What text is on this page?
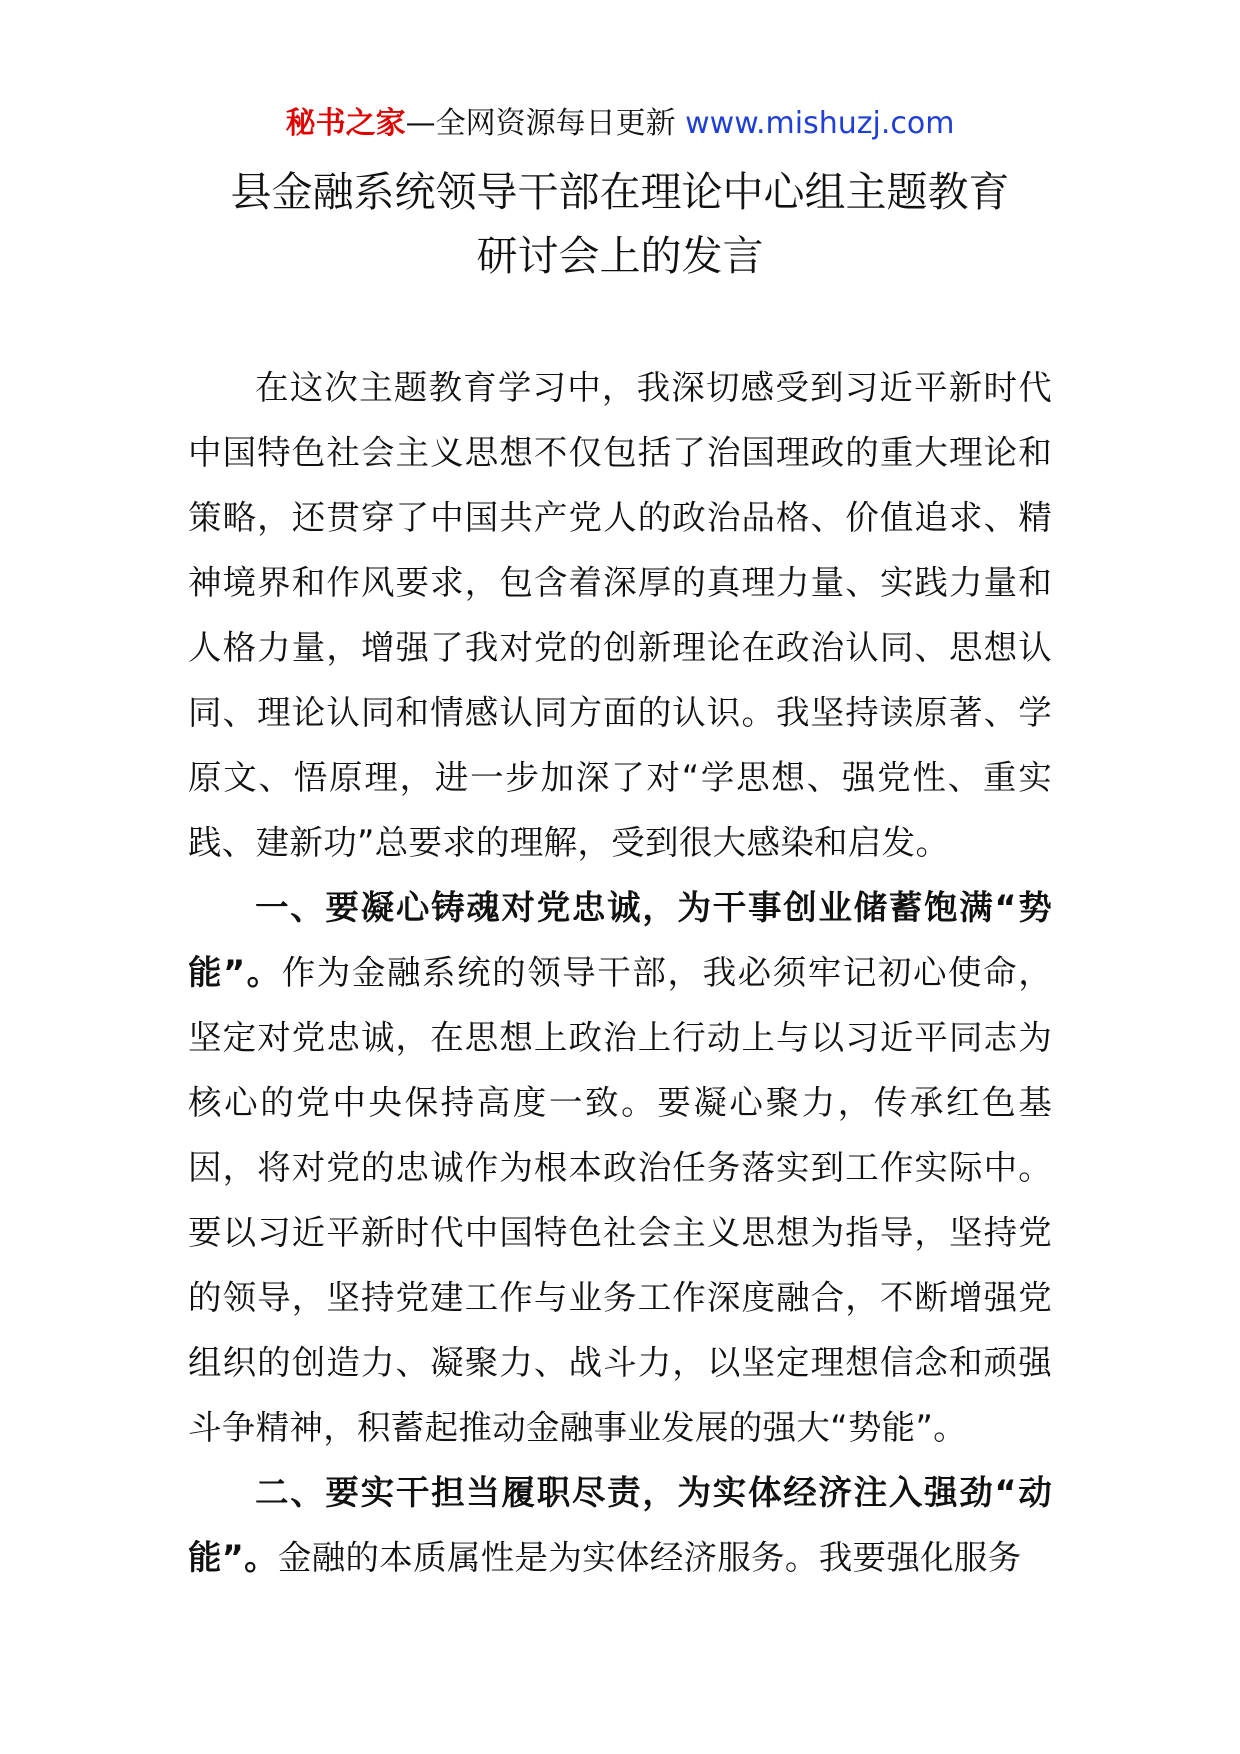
秘书之家—全网资源每日更新 www.mishuzj.com
县金融系统领导干部在理论中心组主题教育
研讨会上的发言

在这次主题教育学习中，我深切感受到习近平新时代中国特色社会主义思想不仅包括了治国理政的重大理论和策略，还贯穿了中国共产党人的政治品格、价值追求、精神境界和作风要求，包含着深厚的真理力量、实践力量和人格力量，增强了我对党的创新理论在政治认同、思想认同、理论认同和情感认同方面的认识。我坚持读原著、学原文、悟原理，进一步加深了对“学思想、强党性、重实践、建新功”总要求的理解，受到很大感染和启发。

一、要凝心铸魂对党忠诚，为干事创业储蓄饱满“势能”。作为金融系统的领导干部，我必须牢记初心使命，坚定对党忠诚，在思想上政治上行动上与以习近平同志为核心的党中央保持高度一致。要凝心聚力，传承红色基因，将对党的忠诚作为根本政治任务落实到工作实际中。要以习近平新时代中国特色社会主义思想为指导，坚持党的领导，坚持党建工作与业务工作深度融合，不断增强党组织的创造力、凝聚力、战斗力，以坚定理想信念和顽强斗争精神，积蓄起推动金融事业发展的强大“势能”。

二、要实干担当履职尽责，为实体经济注入强劲“动能”。金融的本质属性是为实体经济服务。我要强化服务
